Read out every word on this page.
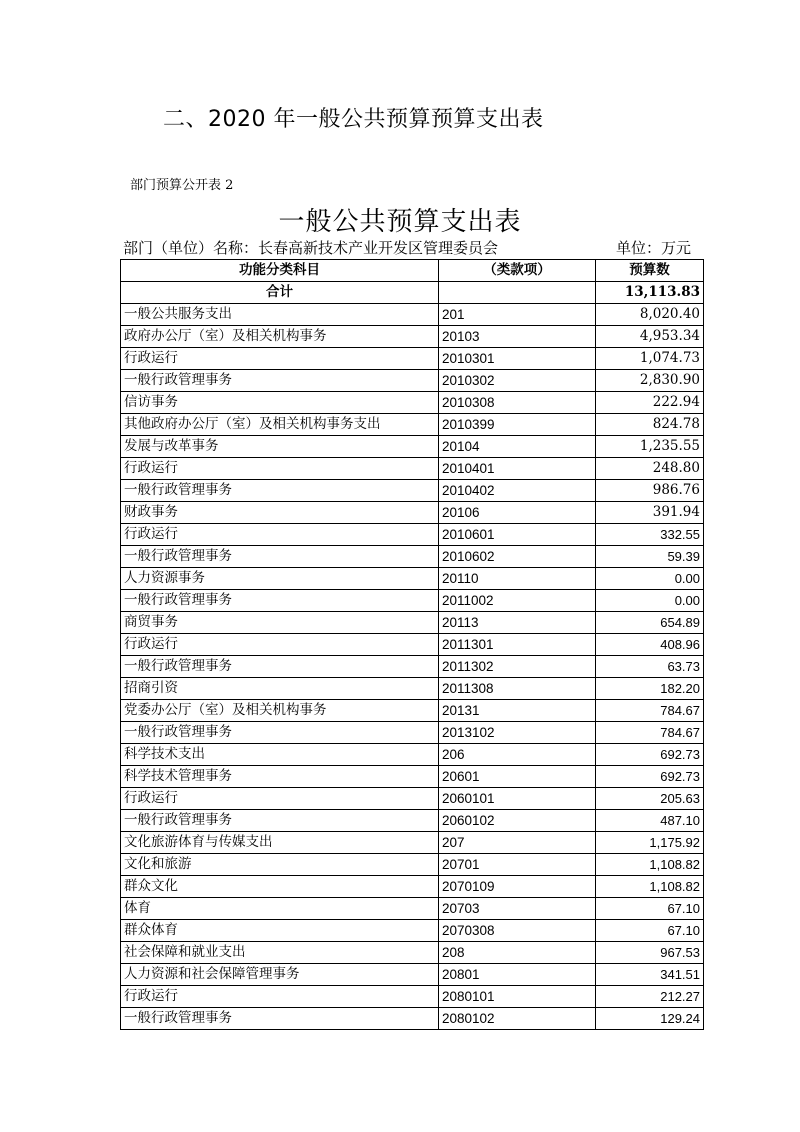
二、2020 年一般公共预算预算支出表
部门预算公开表 2
一般公共预算支出表
部门（单位）名称：长春高新技术产业开发区管理委员会	单位：万元
功能分类科目	（类款项）	预算数
合计		13,113.83
一般公共服务支出	201	8,020.40
政府办公厅（室）及相关机构事务	20103	4,953.34
行政运行	2010301	1,074.73
一般行政管理事务	2010302	2,830.90
信访事务	2010308	222.94
其他政府办公厅（室）及相关机构事务支出	2010399	824.78
发展与改革事务	20104	1,235.55
行政运行	2010401	248.80
一般行政管理事务	2010402	986.76
财政事务	20106	391.94
行政运行	2010601	332.55
一般行政管理事务	2010602	59.39
人力资源事务	20110	0.00
一般行政管理事务	2011002	0.00
商贸事务	20113	654.89
行政运行	2011301	408.96
一般行政管理事务	2011302	63.73
招商引资	2011308	182.20
党委办公厅（室）及相关机构事务	20131	784.67
一般行政管理事务	2013102	784.67
科学技术支出	206	692.73
科学技术管理事务	20601	692.73
行政运行	2060101	205.63
一般行政管理事务	2060102	487.10
文化旅游体育与传媒支出	207	1,175.92
文化和旅游	20701	1,108.82
群众文化	2070109	1,108.82
体育	20703	67.10
群众体育	2070308	67.10
社会保障和就业支出	208	967.53
人力资源和社会保障管理事务	20801	341.51
行政运行	2080101	212.27
一般行政管理事务	2080102	129.24
